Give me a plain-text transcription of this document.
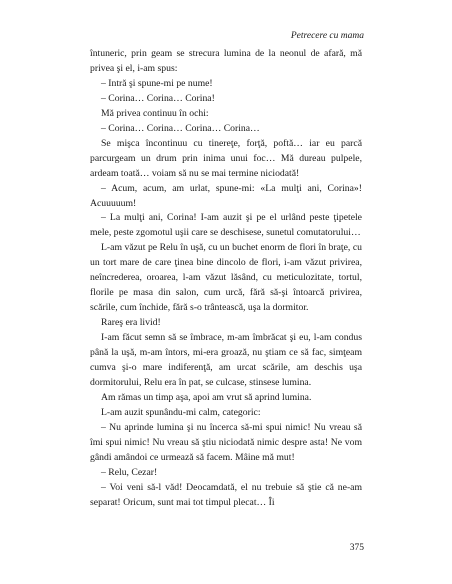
Petrecere cu mama

întuneric, prin geam se strecura lumina de la neonul de afară, mă privea şi el, i-am spus:

– Intră şi spune-mi pe nume!

– Corina… Corina… Corina!

Mă privea continuu în ochi:

– Corina… Corina… Corina… Corina…

Se mişca încontinuu cu tinereţe, forţă, poftă… iar eu parcă parcurgeam un drum prin inima unui foc… Mă dureau pulpele, ardeam toată… voiam să nu se mai termine niciodată!

– Acum, acum, am urlat, spune-mi: «La mulţi ani, Corina»! Acuuuuum!

– La mulţi ani, Corina! I-am auzit şi pe el urlând peste ţipetele mele, peste zgomotul uşii care se deschisese, sunetul comutatorului…

L-am văzut pe Relu în uşă, cu un buchet enorm de flori în braţe, cu un tort mare de care ţinea bine dincolo de flori, i-am văzut privirea, neîncrederea, oroarea, l-am văzut lăsând, cu meticulozitate, tortul, florile pe masa din salon, cum urcă, fără să-şi întoarcă privirea, scările, cum închide, fără s-o trântească, uşa la dormitor.

Rareş era livid!

I-am făcut semn să se îmbrace, m-am îmbrăcat şi eu, l-am condus până la uşă, m-am întors, mi-era groază, nu ştiam ce să fac, simţeam cumva şi-o mare indiferenţă, am urcat scările, am deschis uşa dormitorului, Relu era în pat, se culcase, stinsese lumina.

Am rămas un timp aşa, apoi am vrut să aprind lumina.

L-am auzit spunându-mi calm, categoric:

– Nu aprinde lumina şi nu încerca să-mi spui nimic! Nu vreau să îmi spui nimic! Nu vreau să ştiu niciodată nimic despre asta! Ne vom gândi amândoi ce urmează să facem. Mâine mă mut!

– Relu, Cezar!

– Voi veni să-l văd! Deocamdată, el nu trebuie să ştie că ne-am separat! Oricum, sunt mai tot timpul plecat… Îi

375
